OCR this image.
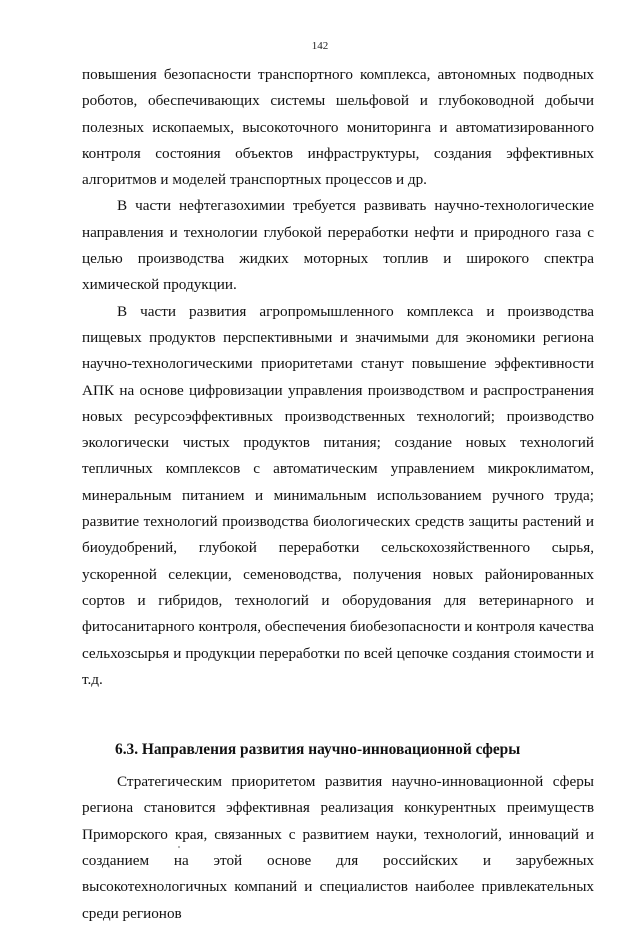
142

повышения безопасности транспортного комплекса, автономных подводных роботов, обеспечивающих системы шельфовой и глубоководной добычи полезных ископаемых, высокоточного мониторинга и автоматизированного контроля состояния объектов инфраструктуры, создания эффективных алгоритмов и моделей транспортных процессов и др.

В части нефтегазохимии требуется развивать научно-технологические направления и технологии глубокой переработки нефти и природного газа с целью производства жидких моторных топлив и широкого спектра химической продукции.

В части развития агропромышленного комплекса и производства пищевых продуктов перспективными и значимыми для экономики региона научно-технологическими приоритетами станут повышение эффективности АПК на основе цифровизации управления производством и распространения новых ресурсоэффективных производственных технологий; производство экологически чистых продуктов питания; создание новых технологий тепличных комплексов с автоматическим управлением микроклиматом, минеральным питанием и минимальным использованием ручного труда; развитие технологий производства биологических средств защиты растений и биоудобрений, глубокой переработки сельскохозяйственного сырья, ускоренной селекции, семеноводства, получения новых районированных сортов и гибридов, технологий и оборудования для ветеринарного и фитосанитарного контроля, обеспечения биобезопасности и контроля качества сельхозсырья и продукции переработки по всей цепочке создания стоимости и т.д.

6.3. Направления развития научно-инновационной сферы

Стратегическим приоритетом развития научно-инновационной сферы региона становится эффективная реализация конкурентных преимуществ Приморского края, связанных с развитием науки, технологий, инноваций и созданием на этой основе для российских и зарубежных высокотехнологичных компаний и специалистов наиболее привлекательных среди регионов
